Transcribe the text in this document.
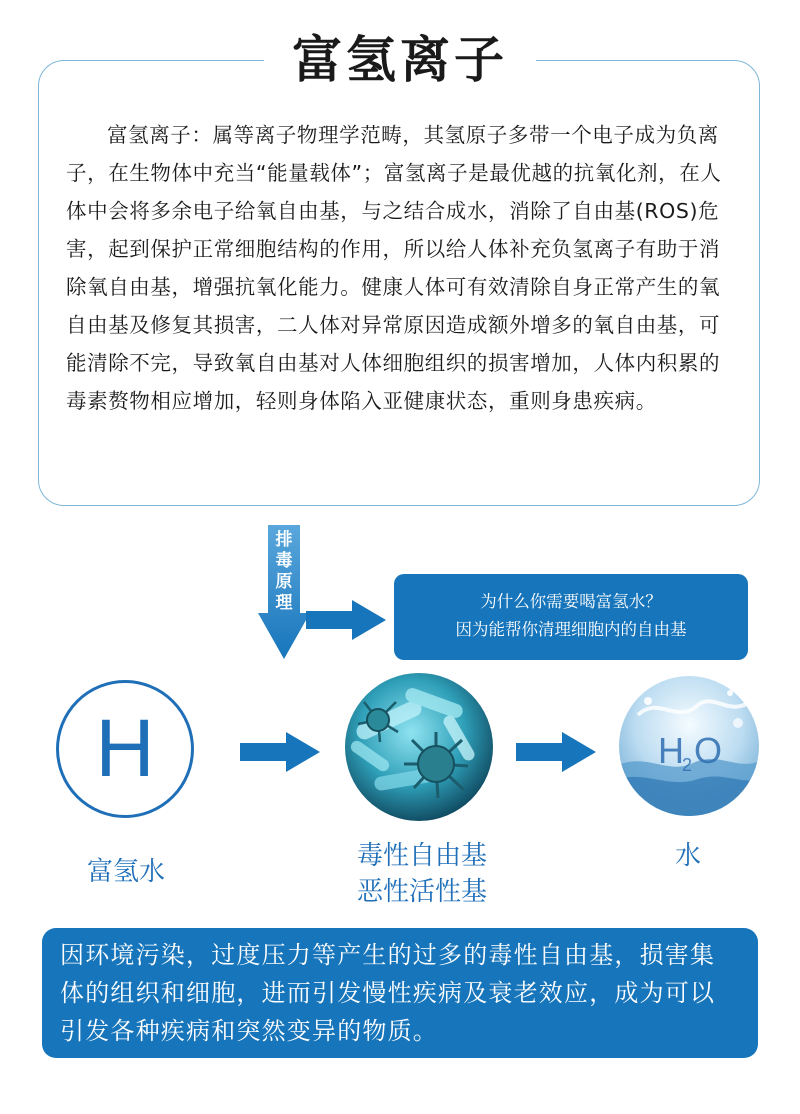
富氢离子

富氢离子：属等离子物理学范畴，其氢原子多带一个电子成为负离子，在生物体中充当“能量载体”；富氢离子是最优越的抗氧化剂，在人体中会将多余电子给氧自由基，与之结合成水，消除了自由基(ROS)危害，起到保护正常细胞结构的作用，所以给人体补充负氢离子有助于消除氧自由基，增强抗氧化能力。健康人体可有效清除自身正常产生的氧自由基及修复其损害，二人体对异常原因造成额外增多的氧自由基，可能清除不完，导致氧自由基对人体细胞组织的损害增加，人体内积累的毒素赘物相应增加，轻则身体陷入亚健康状态，重则身患疾病。

排
毒
原
理	为什么你需要喝富氢水？
因为能帮你清理细胞内的自由基
H	H
2 O
富氢水
毒性自由基
恶性活性基
水

因环境污染，过度压力等产生的过多的毒性自由基，损害集体的组织和细胞，进而引发慢性疾病及衰老效应，成为可以引发各种疾病和突然变异的物质。
